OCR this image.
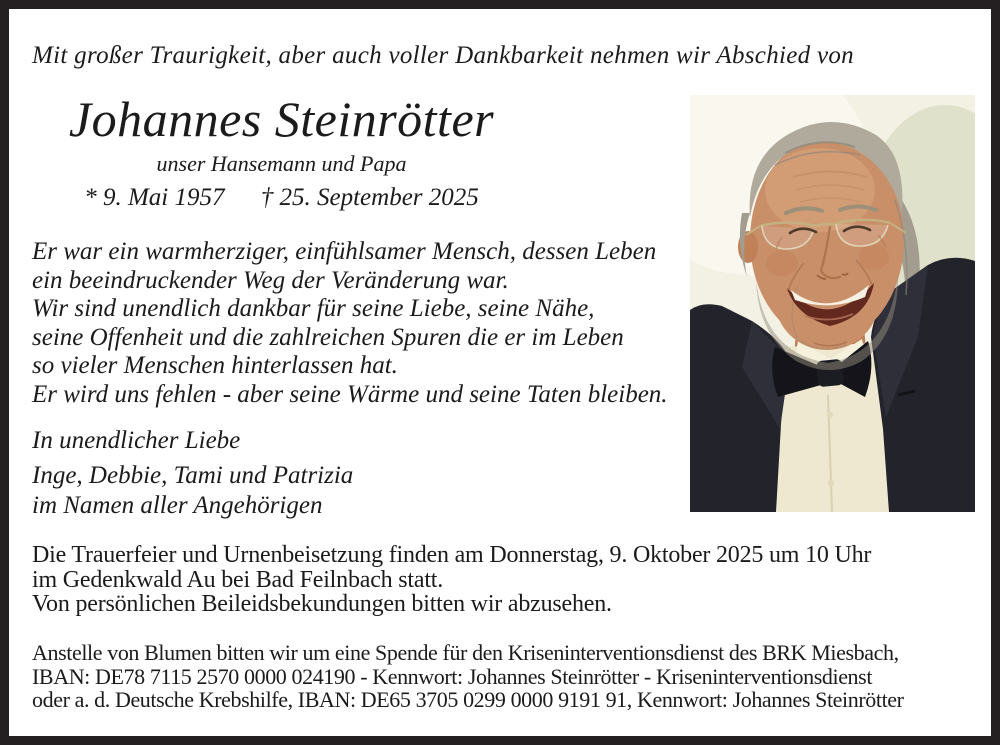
Mit großer Traurigkeit, aber auch voller Dankbarkeit nehmen wir Abschied von
Johannes Steinrötter
unser Hansemann und Papa
* 9. Mai 1957 † 25. September 2025
Er war ein warmherziger, einfühlsamer Mensch, dessen Leben
ein beeindruckender Weg der Veränderung war.
Wir sind unendlich dankbar für seine Liebe, seine Nähe,
seine Offenheit und die zahlreichen Spuren die er im Leben
so vieler Menschen hinterlassen hat.
Er wird uns fehlen - aber seine Wärme und seine Taten bleiben.
In unendlicher Liebe
Inge, Debbie, Tami und Patrizia
im Namen aller Angehörigen
Die Trauerfeier und Urnenbeisetzung finden am Donnerstag, 9. Oktober 2025 um 10 Uhr
im Gedenkwald Au bei Bad Feilnbach statt.
Von persönlichen Beileidsbekundungen bitten wir abzusehen.
Anstelle von Blumen bitten wir um eine Spende für den Kriseninterventionsdienst des BRK Miesbach,
IBAN: DE78 7115 2570 0000 024190 - Kennwort: Johannes Steinrötter - Kriseninterventionsdienst
oder a. d. Deutsche Krebshilfe, IBAN: DE65 3705 0299 0000 9191 91, Kennwort: Johannes Steinrötter
